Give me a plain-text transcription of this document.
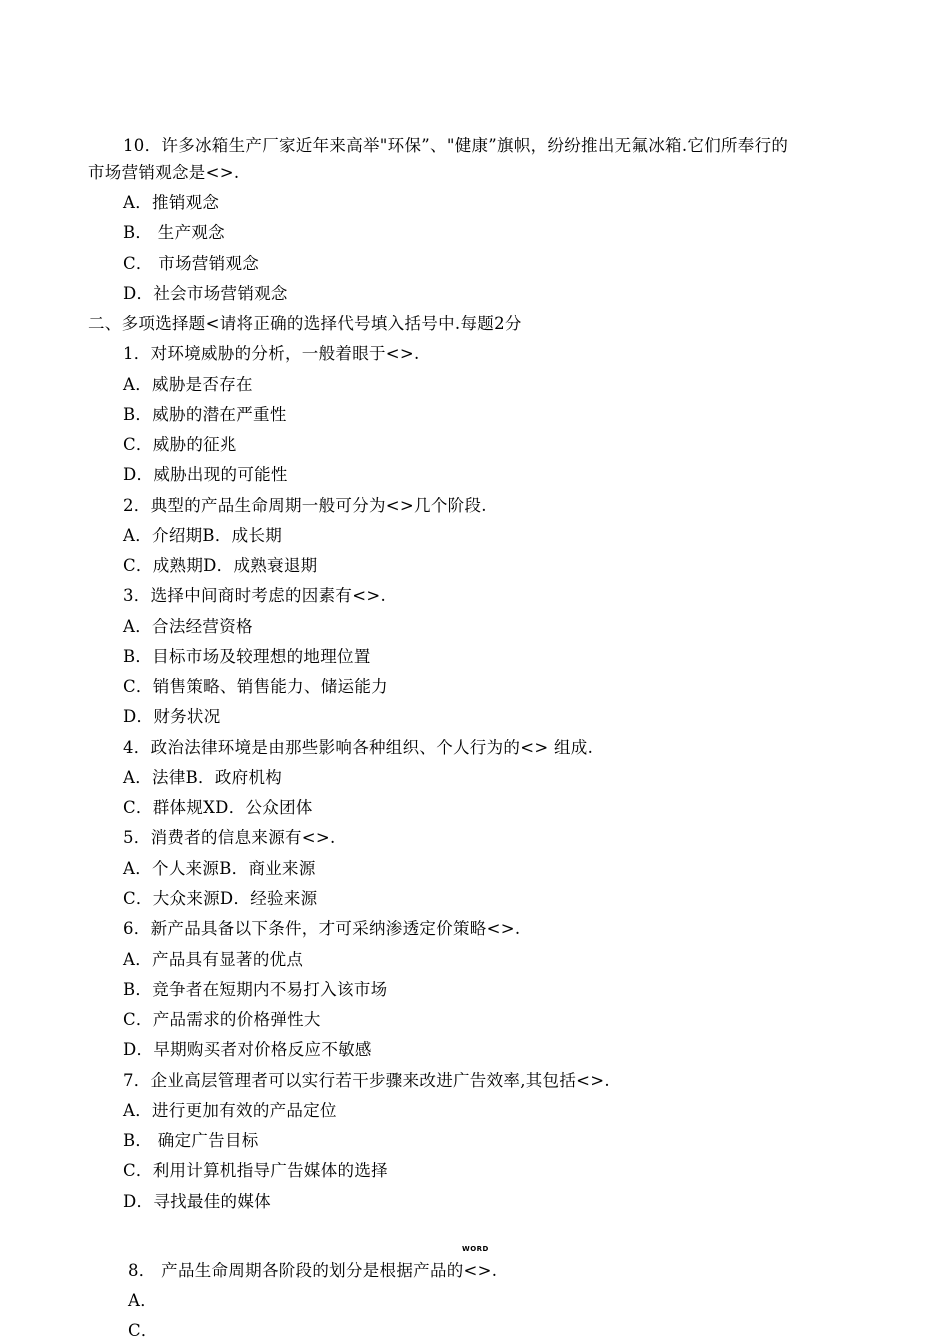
10．许多冰箱生产厂家近年来高举"环保”、"健康”旗帜，纷纷推出无氟冰箱.它们所奉行的
市场营销观念是<>.
A．推销观念
B． 生产观念
C． 市场营销观念
D．社会市场营销观念
二、多项选择题<请将正确的选择代号填入括号中.每题2分
1．对环境威胁的分析，一般着眼于<>.
A．威胁是否存在
B．威胁的潜在严重性
C．威胁的征兆
D．威胁出现的可能性
2．典型的产品生命周期一般可分为<>几个阶段.
A．介绍期B．成长期
C．成熟期D．成熟衰退期
3．选择中间商时考虑的因素有<>.
A．合法经营资格
B．目标市场及较理想的地理位置
C．销售策略、销售能力、储运能力
D．财务状况
4．政治法律环境是由那些影响各种组织、个人行为的<> 组成.
A．法律B．政府机构
C．群体规XD．公众团体
5．消费者的信息来源有<>.
A．个人来源B．商业来源
C．大众来源D．经验来源
6．新产品具备以下条件，才可采纳渗透定价策略<>.
A．产品具有显著的优点
B．竞争者在短期内不易打入该市场
C．产品需求的价格弹性大
D．早期购买者对价格反应不敏感
7．企业高层管理者可以实行若干步骤来改进广告效率,其包括<>.
A．进行更加有效的产品定位
B． 确定广告目标
C．利用计算机指导广告媒体的选择
D．寻找最佳的媒体
WORD
8． 产品生命周期各阶段的划分是根据产品的<>.
A．
C．
